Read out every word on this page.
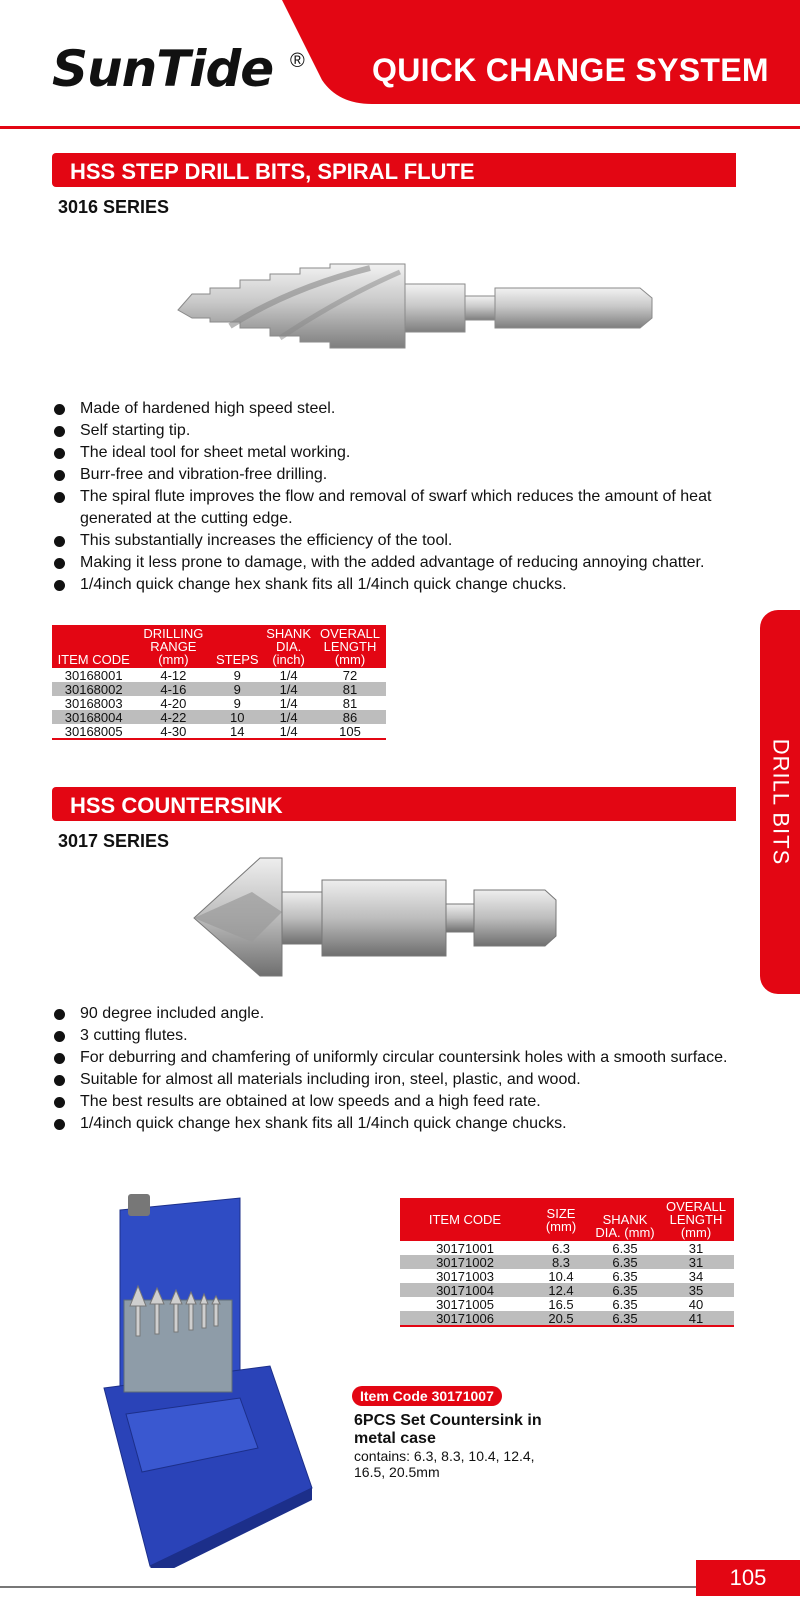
SunTide ® QUICK CHANGE SYSTEM
HSS STEP DRILL BITS, SPIRAL FLUTE
3016 SERIES
Made of hardened high speed steel.
Self starting tip.
The ideal tool for sheet metal working.
Burr-free and vibration-free drilling.
The spiral flute improves the flow and removal of swarf which reduces the amount of heat generated at the cutting edge.
This substantially increases the efficiency of the tool.
Making it less prone to damage, with the added advantage of reducing annoying chatter.
1/4inch quick change hex shank fits all 1/4inch quick change chucks.
ITEM CODE	DRILLING RANGE (mm)	STEPS	SHANK DIA. (inch)	OVERALL LENGTH (mm)
30168001	4-12	9	1/4	72
30168002	4-16	9	1/4	81
30168003	4-20	9	1/4	81
30168004	4-22	10	1/4	86
30168005	4-30	14	1/4	105
DRILL BITS
HSS COUNTERSINK
3017 SERIES
90 degree included angle.
3 cutting flutes.
For deburring and chamfering of uniformly circular countersink holes with a smooth surface.
Suitable for almost all materials including iron, steel, plastic, and wood.
The best results are obtained at low speeds and a high feed rate.
1/4inch quick change hex shank fits all 1/4inch quick change chucks.
ITEM CODE	SIZE (mm)	SHANK DIA. (mm)	OVERALL LENGTH (mm)
30171001	6.3	6.35	31
30171002	8.3	6.35	31
30171003	10.4	6.35	34
30171004	12.4	6.35	35
30171005	16.5	6.35	40
30171006	20.5	6.35	41
Item Code 30171007
6PCS Set Countersink in metal case
contains: 6.3, 8.3, 10.4, 12.4, 16.5, 20.5mm
105
